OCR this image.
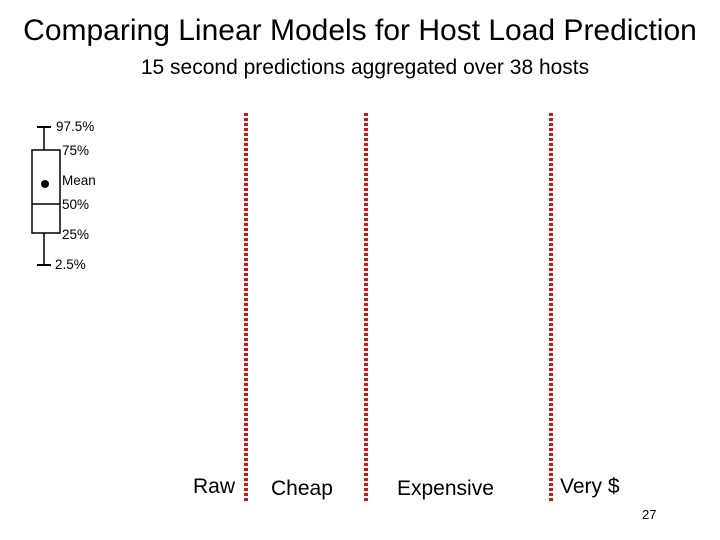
Comparing Linear Models for Host Load Prediction
15 second predictions aggregated over 38 hosts
97.5%
75%
Mean
50%
25%
2.5%
Raw Cheap	Expensive	Very $
27
